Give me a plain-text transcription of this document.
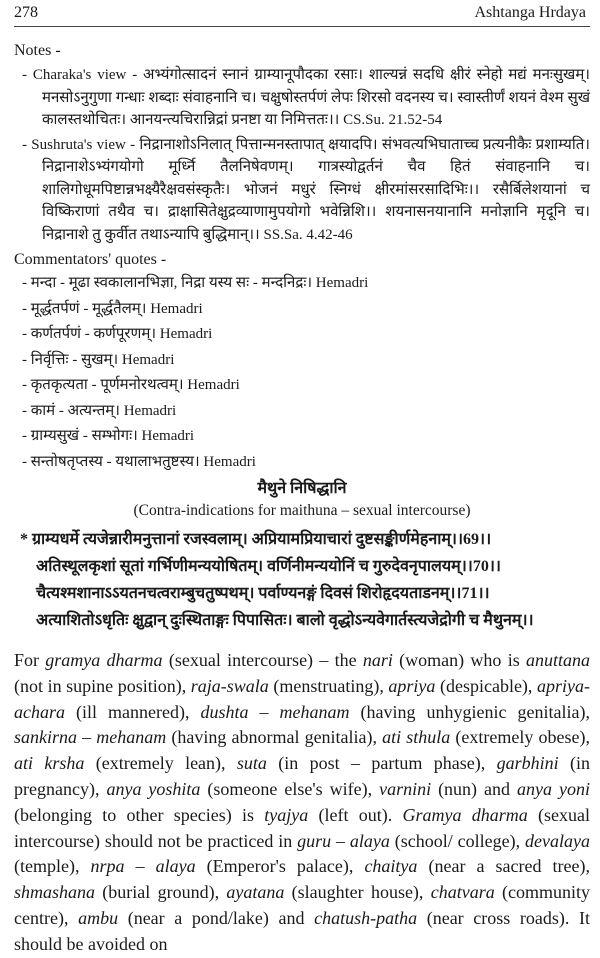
278	Ashtanga Hrdaya
Notes -
- Charaka's view - अभ्यंगोत्सादनं स्नानं ग्राम्यानूपौदका रसाः। शाल्यन्नं सदधि क्षीरं स्नेहो मद्यं मनःसुखम्। मनसोऽनुगुणा गन्धाः शब्दाः संवाहनानि च। चक्षुषोस्तर्पणं लेपः शिरसो वदनस्य च। स्वास्तीर्णं शयनं वेश्म सुखं कालस्तथोचितः। आनयन्त्यचिरान्निद्रां प्रनष्टा या निमित्ततः।। CS.Su. 21.52-54
- Sushruta's view - निद्रानाशोऽनिलात् पित्तान्मनस्तापात् क्षयादपि। संभवत्यभिघाताच्च प्रत्यनीकैः प्रशाम्यति। निद्रानाशेऽभ्यंगयोगो मूर्ध्नि तैलनिषेवणम्। गात्रस्योद्वर्तनं चैव हितं संवाहनानि च। शालिगोधूमपिष्टान्नभक्ष्यैरैक्षवसंस्कृतैः। भोजनं मधुरं स्निग्धं क्षीरमांसरसादिभिः।। रसैर्बिलेशयानां च विष्किराणां तथैव च। द्राक्षासितेक्षुद्रव्याणामुपयोगो भवेन्निशि।। शयनासनयानानि मनोज्ञानि मृदूनि च। निद्रानाशे तु कुर्वीत तथाऽन्यापि बुद्धिमान्।। SS.Sa. 4.42-46
Commentators' quotes -
- मन्दा - मूढा स्वकालानभिज्ञा, निद्रा यस्य सः - मन्दनिद्रः। Hemadri
- मूर्द्धतर्पणं - मूर्द्धतैलम्। Hemadri
- कर्णतर्पणं - कर्णपूरणम्। Hemadri
- निर्वृत्तिः - सुखम्। Hemadri
- कृतकृत्यता - पूर्णमनोरथत्वम्। Hemadri
- कामं - अत्यन्तम्। Hemadri
- ग्राम्यसुखं - सम्भोगः। Hemadri
- सन्तोषतृप्तस्य - यथालाभतुष्टस्य। Hemadri
मैथुने निषिद्धानि
(Contra-indications for maithuna – sexual intercourse)
* ग्राम्यधर्मे त्यजेन्नारीमनुत्तानां रजस्वलाम्। अप्रियामप्रियाचारां दुष्टसङ्कीर्णमेहनाम्।।69।।
अतिस्थूलकृशां सूतां गर्भिणीमन्ययोषितम्। वर्णिनीमन्ययोनिं च गुरुदेवनृपालयम्।।70।।
चैत्यश्मशानाऽऽयतनचत्वराम्बुचतुष्पथम्। पर्वाण्यनङ्गं दिवसं शिरोहृदयताडनम्।।71।।
अत्याशितोऽधृतिः क्षुद्वान् दुःस्थिताङ्गः पिपासितः। बालो वृद्धोऽन्यवेगार्तस्त्यजेद्रोगी च मैथुनम्।।

For gramya dharma (sexual intercourse) – the nari (woman) who is anuttana (not in supine position), raja-swala (menstruating), apriya (despicable), apriya-achara (ill mannered), dushta – mehanam (having unhygienic genitalia), sankirna – mehanam (having abnormal genitalia), ati sthula (extremely obese), ati krsha (extremely lean), suta (in post – partum phase), garbhini (in pregnancy), anya yoshita (someone else's wife), varnini (nun) and anya yoni (belonging to other species) is tyajya (left out). Gramya dharma (sexual intercourse) should not be practiced in guru – alaya (school/ college), devalaya (temple), nrpa – alaya (Emperor's palace), chaitya (near a sacred tree), shmashana (burial ground), ayatana (slaughter house), chatvara (community centre), ambu (near a pond/lake) and chatush-patha (near cross roads). It should be avoided on
